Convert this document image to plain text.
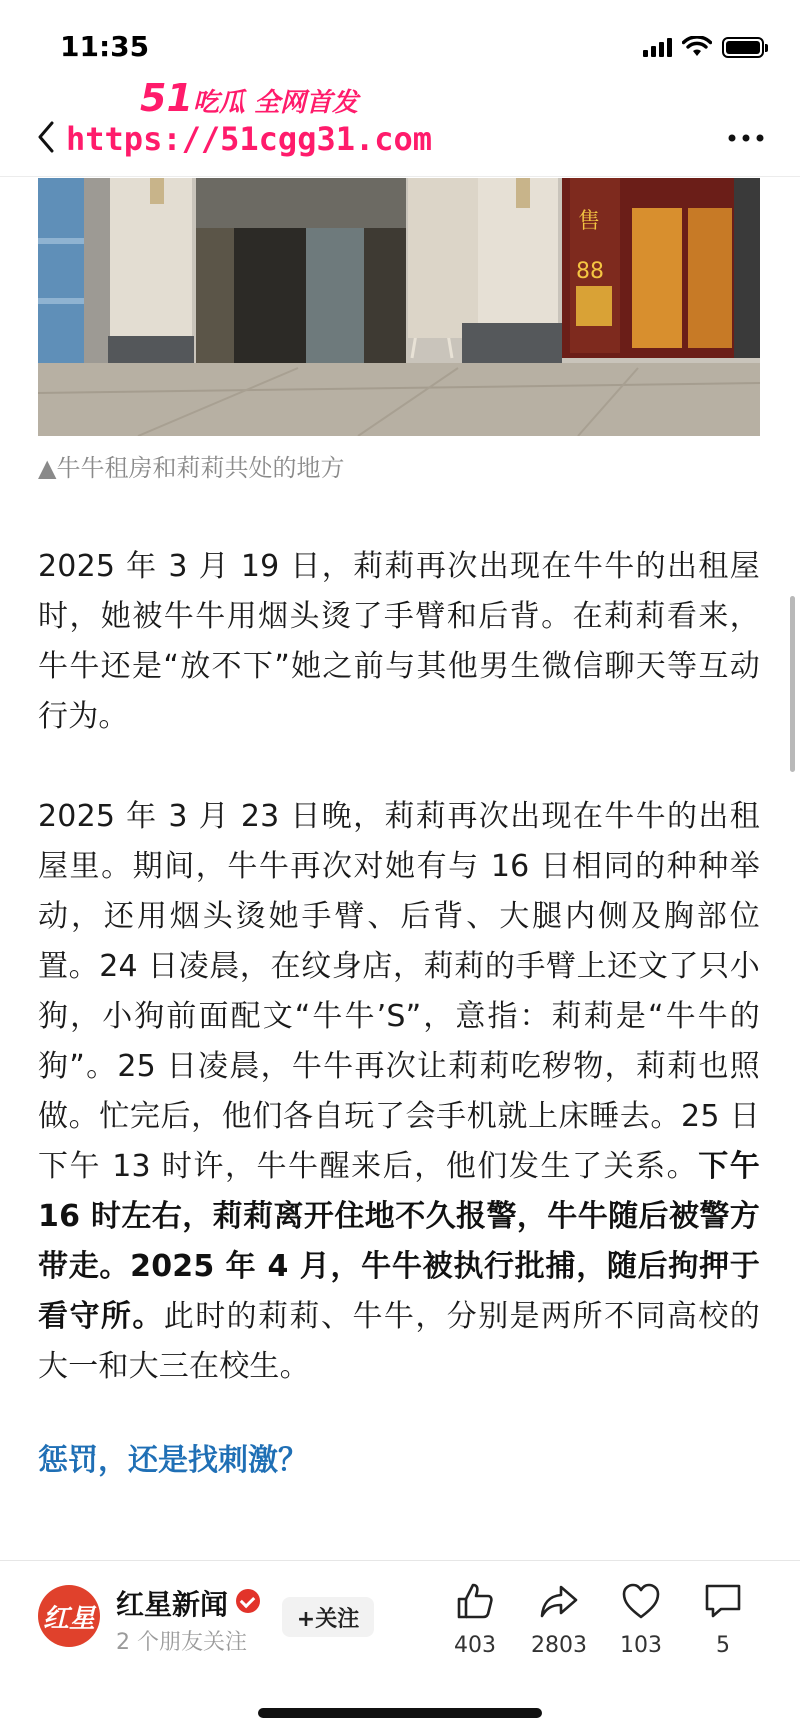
11:35
51吃瓜 全网首发
https://51cgg31.com
售
88
▲牛牛租房和莉莉共处的地方

2025 年 3 月 19 日，莉莉再次出现在牛牛的出租屋时，她被牛牛用烟头烫了手臂和后背。在莉莉看来，牛牛还是“放不下”她之前与其他男生微信聊天等互动行为。

2025 年 3 月 23 日晚，莉莉再次出现在牛牛的出租屋里。期间，牛牛再次对她有与 16 日相同的种种举动，还用烟头烫她手臂、后背、大腿内侧及胸部位置。24 日凌晨，在纹身店，莉莉的手臂上还文了只小狗，小狗前面配文“牛牛’S”，意指：莉莉是“牛牛的狗”。25 日凌晨，牛牛再次让莉莉吃秽物，莉莉也照做。忙完后，他们各自玩了会手机就上床睡去。25 日下午 13 时许，牛牛醒来后，他们发生了关系。下午 16 时左右，莉莉离开住地不久报警，牛牛随后被警方带走。2025 年 4 月，牛牛被执行批捕，随后拘押于看守所。此时的莉莉、牛牛，分别是两所不同高校的大一和大三在校生。

惩罚，还是找刺激？
红星 红星新闻
2 个朋友关注
+关注
403	2803	103	5
